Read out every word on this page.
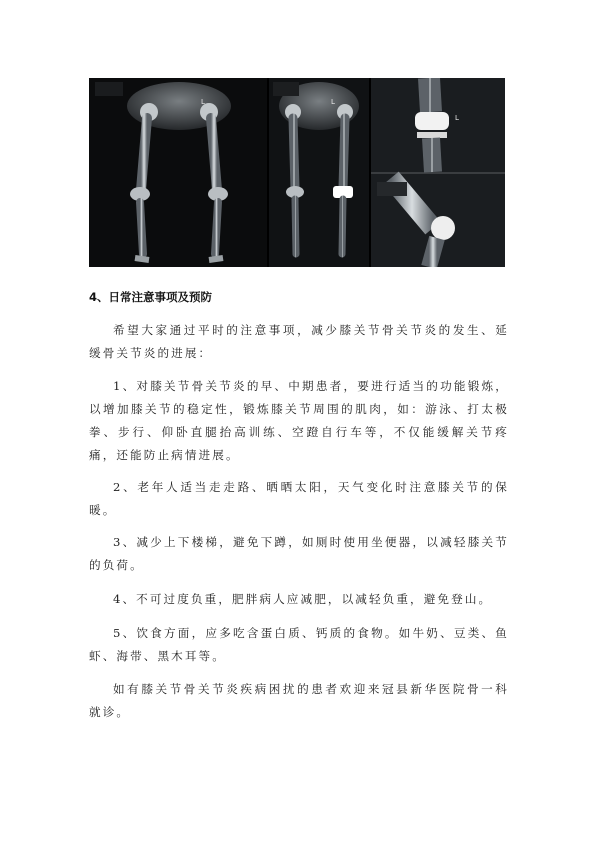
L	L
L
4、日常注意事项及预防

希望大家通过平时的注意事项，减少膝关节骨关节炎的发生、延缓骨关节炎的进展：

1、对膝关节骨关节炎的早、中期患者，要进行适当的功能锻炼，以增加膝关节的稳定性，锻炼膝关节周围的肌肉，如：游泳、打太极拳、步行、仰卧直腿抬高训练、空蹬自行车等，不仅能缓解关节疼痛，还能防止病情进展。

2、老年人适当走走路、晒晒太阳，天气变化时注意膝关节的保暖。

3、减少上下楼梯，避免下蹲，如厕时使用坐便器，以减轻膝关节的负荷。

4、不可过度负重，肥胖病人应减肥，以减轻负重，避免登山。

5、饮食方面，应多吃含蛋白质、钙质的食物。如牛奶、豆类、鱼虾、海带、黑木耳等。

如有膝关节骨关节炎疾病困扰的患者欢迎来冠县新华医院骨一科就诊。
